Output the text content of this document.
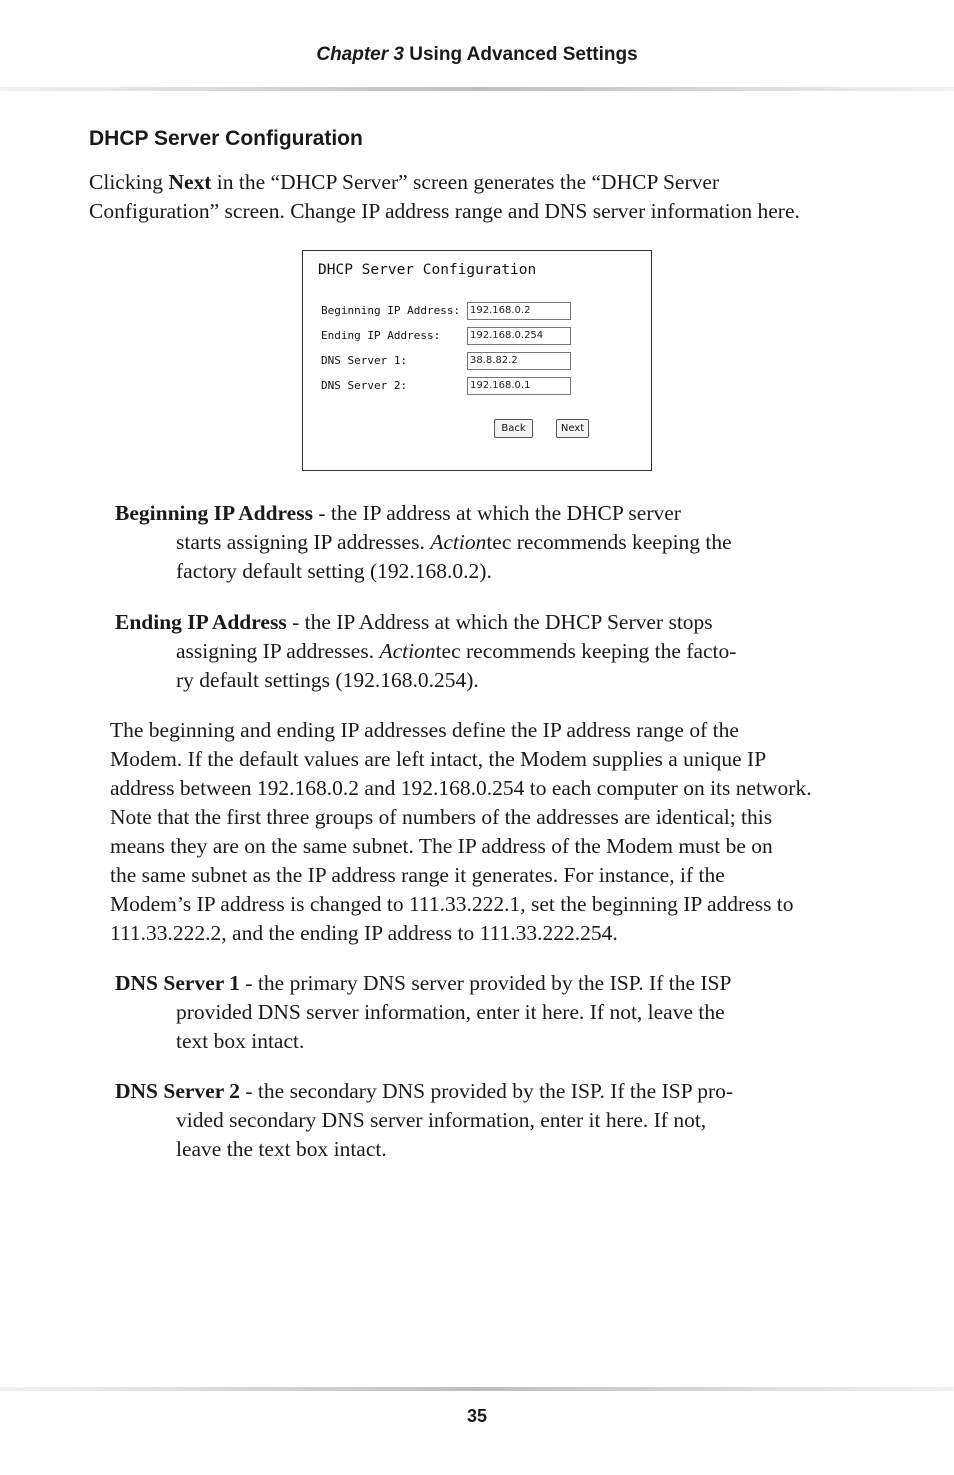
Chapter 3 Using Advanced Settings
DHCP Server Configuration

Clicking Next in the “DHCP Server” screen generates the “DHCP Server
Configuration” screen. Change IP address range and DNS server information here.

DHCP Server Configuration
Beginning IP Address: 192.168.0.2
Ending IP Address:	192.168.0.254
DNS Server 1:	38.8.82.2
DNS Server 2:	192.168.0.1
Back	Next

Beginning IP Address - the IP address at which the DHCP server
starts assigning IP addresses. Actiontec recommends keeping the
factory default setting (192.168.0.2).

Ending IP Address - the IP Address at which the DHCP Server stops
assigning IP addresses. Actiontec recommends keeping the facto-
ry default settings (192.168.0.254).

The beginning and ending IP addresses define the IP address range of the
Modem. If the default values are left intact, the Modem supplies a unique IP
address between 192.168.0.2 and 192.168.0.254 to each computer on its network.
Note that the first three groups of numbers of the addresses are identical; this
means they are on the same subnet. The IP address of the Modem must be on
the same subnet as the IP address range it generates. For instance, if the
Modem’s IP address is changed to 111.33.222.1, set the beginning IP address to
111.33.222.2, and the ending IP address to 111.33.222.254.

DNS Server 1 - the primary DNS server provided by the ISP. If the ISP
provided DNS server information, enter it here. If not, leave the
text box intact.

DNS Server 2 - the secondary DNS provided by the ISP. If the ISP pro-
vided secondary DNS server information, enter it here. If not,
leave the text box intact.

35
